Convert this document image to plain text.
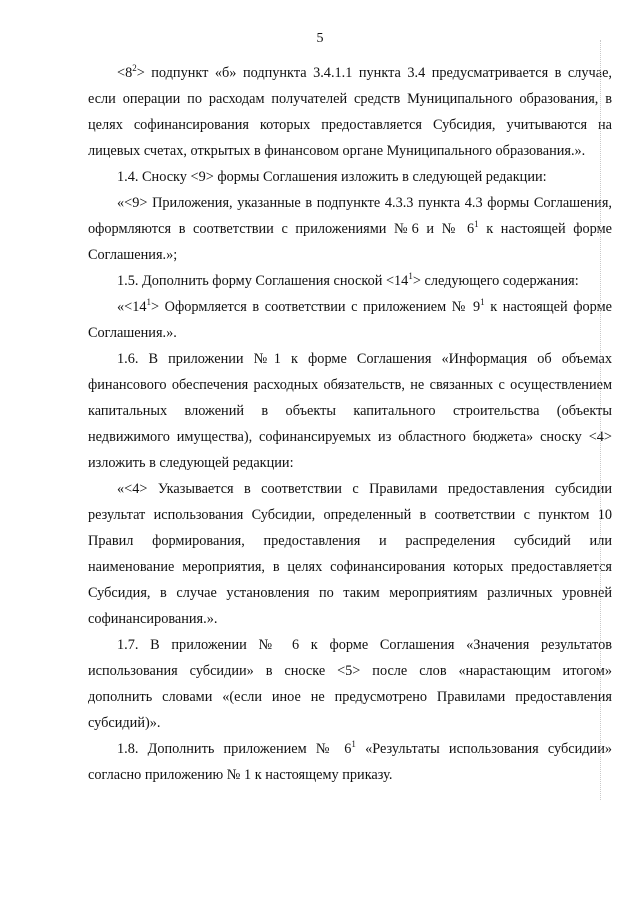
5
$<8^2>$ подпункт «б» подпункта 3.4.1.1 пункта 3.4 предусматривается в случае,
если операции по расходам получателей средств Муниципального образования, в
целях софинансирования которых предоставляется Субсидия, учитываются на
лицевых счетах, открытых в финансовом органе Муниципального образования.».
1.4. Сноску <9> формы Соглашения изложить в следующей редакции:
«<9> Приложения, указанные в подпункте 4.3.3 пункта 4.3 формы Соглашения,
оформляются в соответствии с приложениями №6 и № $6^1$ к настоящей форме
Соглашения.»;
1.5. Дополнить форму Соглашения сноской $<14^1>$ следующего содержания:
«$<14^1>$ Оформляется в соответствии с приложением № $9^1$ к настоящей форме
Соглашения.».
1.6. В приложении №1 к форме Соглашения «Информация об объемах
финансового обеспечения расходных обязательств, не связанных с осуществлением
капитальных вложений в объекты капитального строительства (объекты
недвижимого имущества), софинансируемых из областного бюджета» сноску <4>
изложить в следующей редакции:
«<4> Указывается в соответствии с Правилами предоставления субсидии
результат использования Субсидии, определенный в соответствии с пунктом 10
Правил формирования, предоставления и распределения субсидий или
наименование мероприятия, в целях софинансирования которых предоставляется
Субсидия, в случае установления по таким мероприятиям различных уровней
софинансирования.».
1.7. В приложении № 6 к форме Соглашения «Значения результатов
использования субсидии» в сноске <5> после слов «нарастающим итогом»
дополнить словами «(если иное не предусмотрено Правилами предоставления
субсидий)».
1.8. Дополнить приложением № $6^1$ «Результаты использования субсидии»
согласно приложению № 1 к настоящему приказу.
